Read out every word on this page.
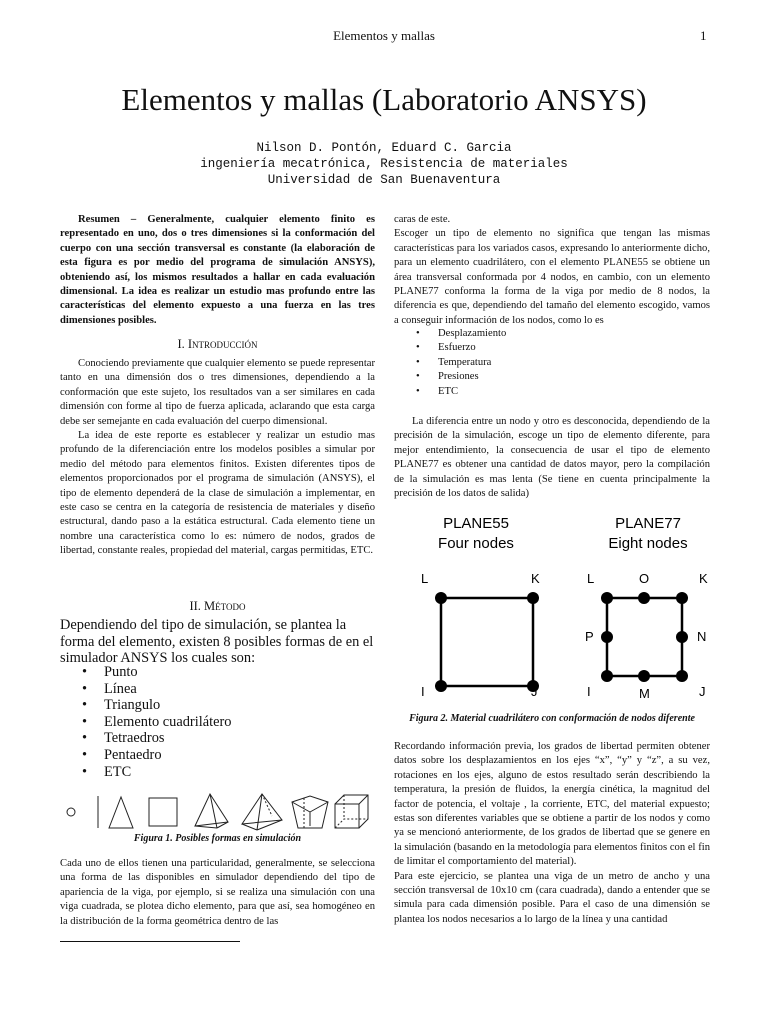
Elementos y mallas	1
Elementos y mallas (Laboratorio ANSYS)
Nilson D. Pontón, Eduard C. Garcia
ingeniería mecatrónica, Resistencia de materiales
Universidad de San Buenaventura
Resumen – Generalmente, cualquier elemento finito es representado en uno, dos o tres dimensiones si la conformación del cuerpo con una sección transversal es constante (la elaboración de esta figura es por medio del programa de simulación ANSYS), obteniendo así, los mismos resultados a hallar en cada evaluación dimensional. La idea es realizar un estudio mas profundo entre las características del elemento expuesto a una fuerza en las tres dimensiones posibles.
I. Introducción

Conociendo previamente que cualquier elemento se puede representar tanto en una dimensión dos o tres dimensiones, dependiendo a la conformación que este sujeto, los resultados van a ser similares en cada dimensión con forme al tipo de fuerza aplicada, aclarando que esta carga debe ser semejante en cada evaluación del cuerpo dimensional.

La idea de este reporte es establecer y realizar un estudio mas profundo de la diferenciación entre los modelos posibles a simular por medio del método para elementos finitos. Existen diferentes tipos de elementos proporcionados por el programa de simulación (ANSYS), el tipo de elemento dependerá de la clase de simulación a implementar, en este caso se centra en la categoría de resistencia de materiales y diseño estructural, dando paso a la estática estructural. Cada elemento tiene un nombre una característica como lo es: número de nodos, grados de libertad, constante reales, propiedad del material, cargas permitidas, ETC.

II. Método
Dependiendo del tipo de simulación, se plantea la forma del elemento, existen 8 posibles formas de en el simulador ANSYS los cuales son:
• Punto
• Línea
• Triangulo
• Elemento cuadrilátero
• Tetraedros
• Pentaedro
• ETC
Figura 1. Posibles formas en simulación
Cada uno de ellos tienen una particularidad, generalmente, se selecciona una forma de las disponibles en simulador dependiendo del tipo de apariencia de la viga, por ejemplo, si se realiza una simulación con una viga cuadrada, se plotea dicho elemento, para que así, sea homogéneo en la distribución de la forma geométrica dentro de las

caras de este.

Escoger un tipo de elemento no significa que tengan las mismas características para los variados casos, expresando lo anteriormente dicho, para un elemento cuadrilátero, con el elemento PLANE55 se obtiene un área transversal conformada por 4 nodos, en cambio, con un elemento PLANE77 conforma la forma de la viga por medio de 8 nodos, la diferencia es que, dependiendo del tamaño del elemento escogido, vamos a conseguir información de los nodos, como lo es

• Desplazamiento
• Esfuerzo
• Temperatura
• Presiones
• ETC
La diferencia entre un nodo y otro es desconocida, dependiendo de la precisión de la simulación, escoge un tipo de elemento diferente, para mejor entendimiento, la consecuencia de usar el tipo de elemento PLANE77 es obtener una cantidad de datos mayor, pero la compilación de la simulación es mas lenta (Se tiene en cuenta principalmente la precisión de los datos de salida)
PLANE55
Four nodes
L	K
I	J
PLANE77
Eight nodes
L	O	K
P	N
I	M	J
Figura 2. Material cuadrilátero con conformación de nodos diferente

Recordando información previa, los grados de libertad permiten obtener datos sobre los desplazamientos en los ejes “x”, “y” y “z”, a su vez, rotaciones en los ejes, alguno de estos resultado serán describiendo la temperatura, la presión de fluidos, la energía cinética, la magnitud del factor de potencia, el voltaje , la corriente, ETC, del material expuesto; estas son diferentes variables que se obtiene a partir de los nodos y como ya se mencionó anteriormente, de los grados de libertad que se genere en la simulación (basando en la metodología para elementos finitos con el fin de limitar el comportamiento del material).

Para este ejercicio, se plantea una viga de un metro de ancho y una sección transversal de 10x10 cm (cara cuadrada), dando a entender que se simula para cada dimensión posible. Para el caso de una dimensión se plantea los nodos necesarios a lo largo de la línea y una cantidad
